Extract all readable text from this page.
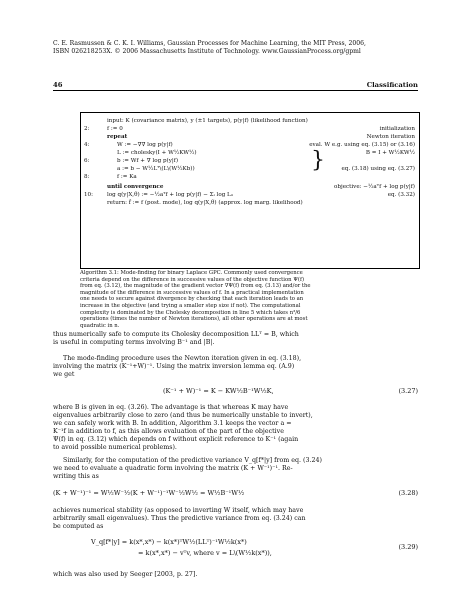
C. E. Rasmussen & C. K. I. Williams, Gaussian Processes for Machine Learning, the MIT Press, 2006,
ISBN 026218253X. © 2006 Massachusetts Institute of Technology. www.GaussianProcess.org/gpml
46	Classification
input: K (covariance matrix), y (±1 targets), p(y|f) (likelihood function)
2:	f := 0	initialization
repeat	Newton iteration
4:	W := −∇∇ log p(y|f)	eval. W e.g. using eq. (3.15) or (3.16)
L := cholesky(I + W½KW½)	B = I + W½KW½
6:	b := Wf + ∇ log p(y|f)
a := b − W½Lᵀ\(L\(W½Kb))	eq. (3.18) using eq. (3.27)
8:	f := Ka
}
until convergence	objective: −½aᵀf + log p(y|f)
10: log q(y|X,θ) := −½aᵀf + log p(y|f) − Σᵢ log Lᵢᵢ	eq. (3.32)
return: f̂ := f (post. mode), log q(y|X,θ) (approx. log marg. likelihood)
Algorithm 3.1: Mode-finding for binary Laplace GPC. Commonly used convergence
criteria depend on the difference in successive values of the objective function Ψ(f)
from eq. (3.12), the magnitude of the gradient vector ∇Ψ(f) from eq. (3.13) and/or the
magnitude of the difference in successive values of f. In a practical implementation
one needs to secure against divergence by checking that each iteration leads to an
increase in the objective (and trying a smaller step size if not). The computational
complexity is dominated by the Cholesky decomposition in line 5 which takes n³/6
operations (times the number of Newton iterations), all other operations are at most
quadratic in n.
thus numerically safe to compute its Cholesky decomposition LLᵀ = B, which
is useful in computing terms involving B⁻¹ and |B|.
The mode-finding procedure uses the Newton iteration given in eq. (3.18),
involving the matrix (K⁻¹+W)⁻¹. Using the matrix inversion lemma eq. (A.9)
we get
(K⁻¹ + W)⁻¹ = K − KW½B⁻¹W½K,	(3.27)
where B is given in eq. (3.26). The advantage is that whereas K may have
eigenvalues arbitrarily close to zero (and thus be numerically unstable to invert),
we can safely work with B. In addition, Algorithm 3.1 keeps the vector a =
K⁻¹f in addition to f, as this allows evaluation of the part of the objective
Ψ(f) in eq. (3.12) which depends on f without explicit reference to K⁻¹ (again
to avoid possible numerical problems).
Similarly, for the computation of the predictive variance V_q[f*|y] from eq. (3.24)
we need to evaluate a quadratic form involving the matrix (K + W⁻¹)⁻¹. Re-
writing this as
(K + W⁻¹)⁻¹ = W½W⁻½(K + W⁻¹)⁻¹W⁻½W½ = W½B⁻¹W½	(3.28)
achieves numerical stability (as opposed to inverting W itself, which may have
arbitrarily small eigenvalues). Thus the predictive variance from eq. (3.24) can
be computed as
V_q[f*|y] = k(x*,x*) − k(x*)ᵀW½(LLᵀ)⁻¹W½k(x*)
= k(x*,x*) − vᵀv, where v = L\(W½k(x*)),
(3.29)
which was also used by Seeger [2003, p. 27].
